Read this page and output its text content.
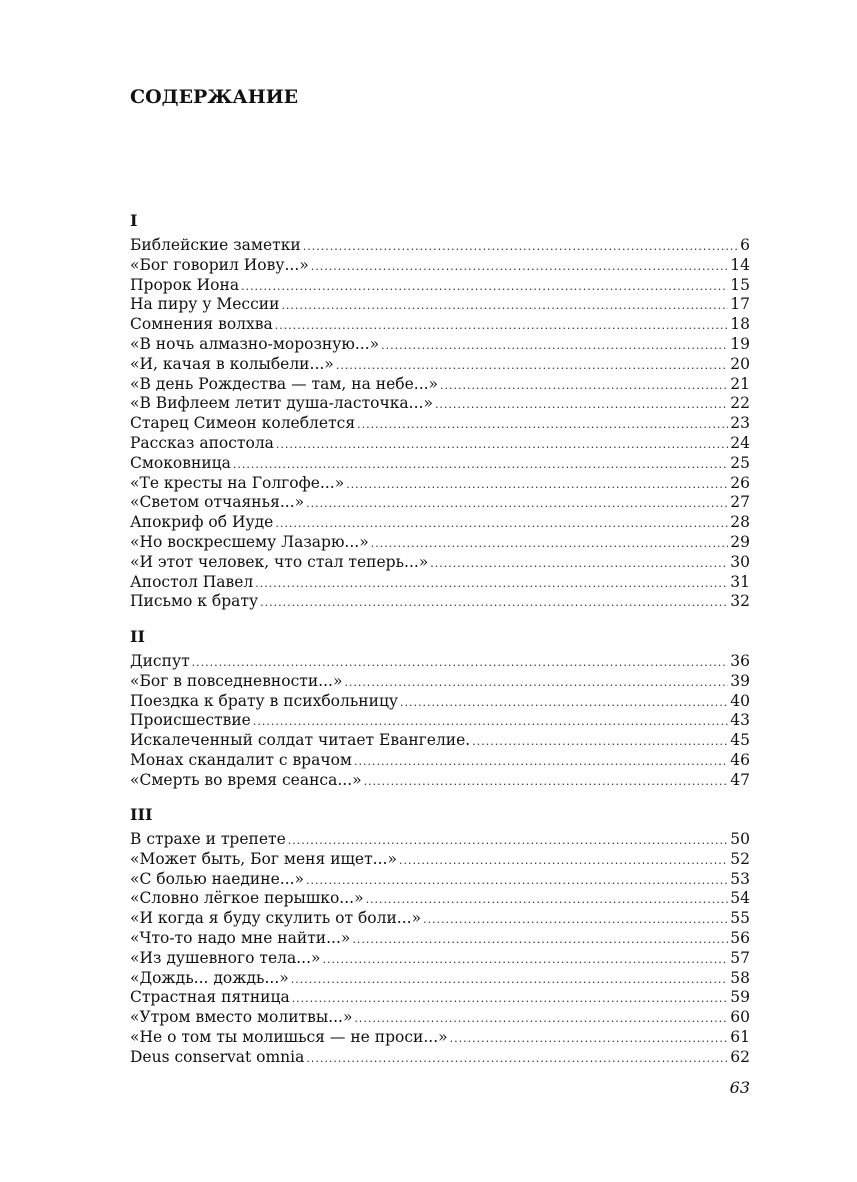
СОДЕРЖАНИЕ
I
Библейские заметки .....	6
«Бог говорил Иову...» .....	14
Пророк Иона .....	15
На пиру у Мессии .....	17
Сомнения волхва .....	18
«В ночь алмазно-морозную...» .....	19
«И, качая в колыбели...» .....	20
«В день Рождества — там, на небе...» .....	21
«В Вифлеем летит душа-ласточка...» .....	22
Старец Симеон колеблется .....	23
Рассказ апостола .....	24
Смоковница .....	25
«Те кресты на Голгофе...» .....	26
«Светом отчаянья...» .....	27
Апокриф об Иуде .....	28
«Но воскресшему Лазарю...» .....	29
«И этот человек, что стал теперь...» .....	30
Апостол Павел .....	31
Письмо к брату .....	32
II
Диспут .....	36
«Бог в повседневности...» .....	39
Поездка к брату в психбольницу .....	40
Происшествие .....	43
Искалеченный солдат читает Евангелие. .....	45
Монах скандалит с врачом .....	46
«Смерть во время сеанса...» .....	47
III
В страхе и трепете .....	50
«Может быть, Бог меня ищет...» .....	52
«С болью наедине...» .....	53
«Словно лёгкое перышко...» .....	54
«И когда я буду скулить от боли...» .....	55
«Что-то надо мне найти...» .....	56
«Из душевного тела...» .....	57
«Дождь... дождь...» .....	58
Страстная пятница .....	59
«Утром вместо молитвы...» .....	60
«Не о том ты молишься — не проси...» .....	61
Deus conservat omnia .....	62
63
